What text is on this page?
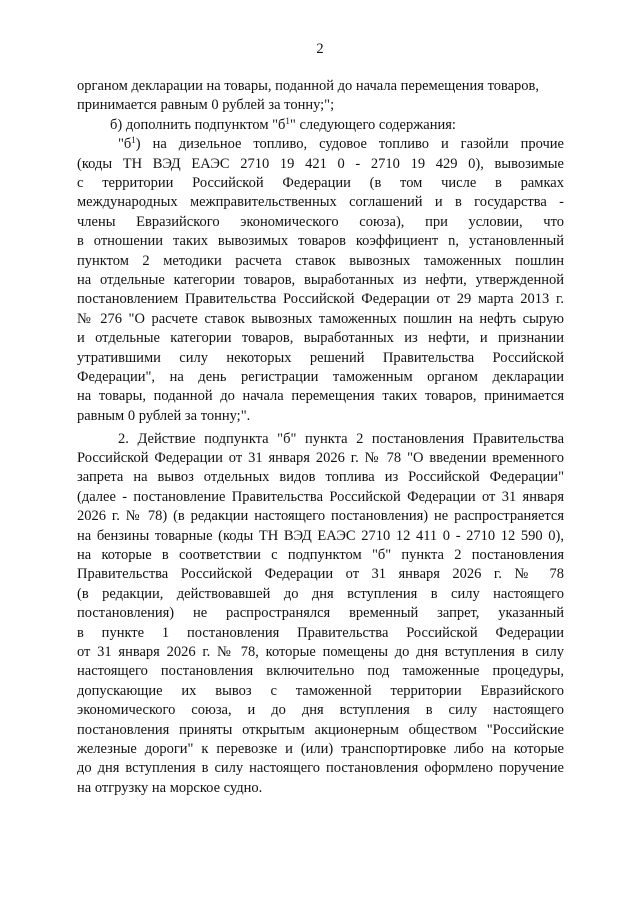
2
органом декларации на товары, поданной до начала перемещения товаров,
принимается равным 0 рублей за тонну;";
б) дополнить подпунктом "$б^1$" следующего содержания:
"$б^1$) на дизельное топливо, судовое топливо и газойли прочие
(коды ТН ВЭД ЕАЭС 2710 19 421 0 - 2710 19 429 0), вывозимые
с территории Российской Федерации (в том числе в рамках
международных межправительственных соглашений и в государства -
члены Евразийского экономического союза), при условии, что
в отношении таких вывозимых товаров коэффициент n, установленный
пунктом 2 методики расчета ставок вывозных таможенных пошлин
на отдельные категории товаров, выработанных из нефти, утвержденной
постановлением Правительства Российской Федерации от 29 марта 2013 г.
№ 276 "О расчете ставок вывозных таможенных пошлин на нефть сырую
и отдельные категории товаров, выработанных из нефти, и признании
утратившими силу некоторых решений Правительства Российской
Федерации", на день регистрации таможенным органом декларации
на товары, поданной до начала перемещения таких товаров, принимается
равным 0 рублей за тонну;".
2. Действие подпункта "б" пункта 2 постановления Правительства
Российской Федерации от 31 января 2026 г. № 78 "О введении временного
запрета на вывоз отдельных видов топлива из Российской Федерации"
(далее - постановление Правительства Российской Федерации от 31 января
2026 г. № 78) (в редакции настоящего постановления) не распространяется
на бензины товарные (коды ТН ВЭД ЕАЭС 2710 12 411 0 - 2710 12 590 0),
на которые в соответствии с подпунктом "б" пункта 2 постановления
Правительства Российской Федерации от 31 января 2026 г. № 78
(в редакции, действовавшей до дня вступления в силу настоящего
постановления) не распространялся временный запрет, указанный
в пункте 1 постановления Правительства Российской Федерации
от 31 января 2026 г. № 78, которые помещены до дня вступления в силу
настоящего постановления включительно под таможенные процедуры,
допускающие их вывоз с таможенной территории Евразийского
экономического союза, и до дня вступления в силу настоящего
постановления приняты открытым акционерным обществом "Российские
железные дороги" к перевозке и (или) транспортировке либо на которые
до дня вступления в силу настоящего постановления оформлено поручение
на отгрузку на морское судно.
